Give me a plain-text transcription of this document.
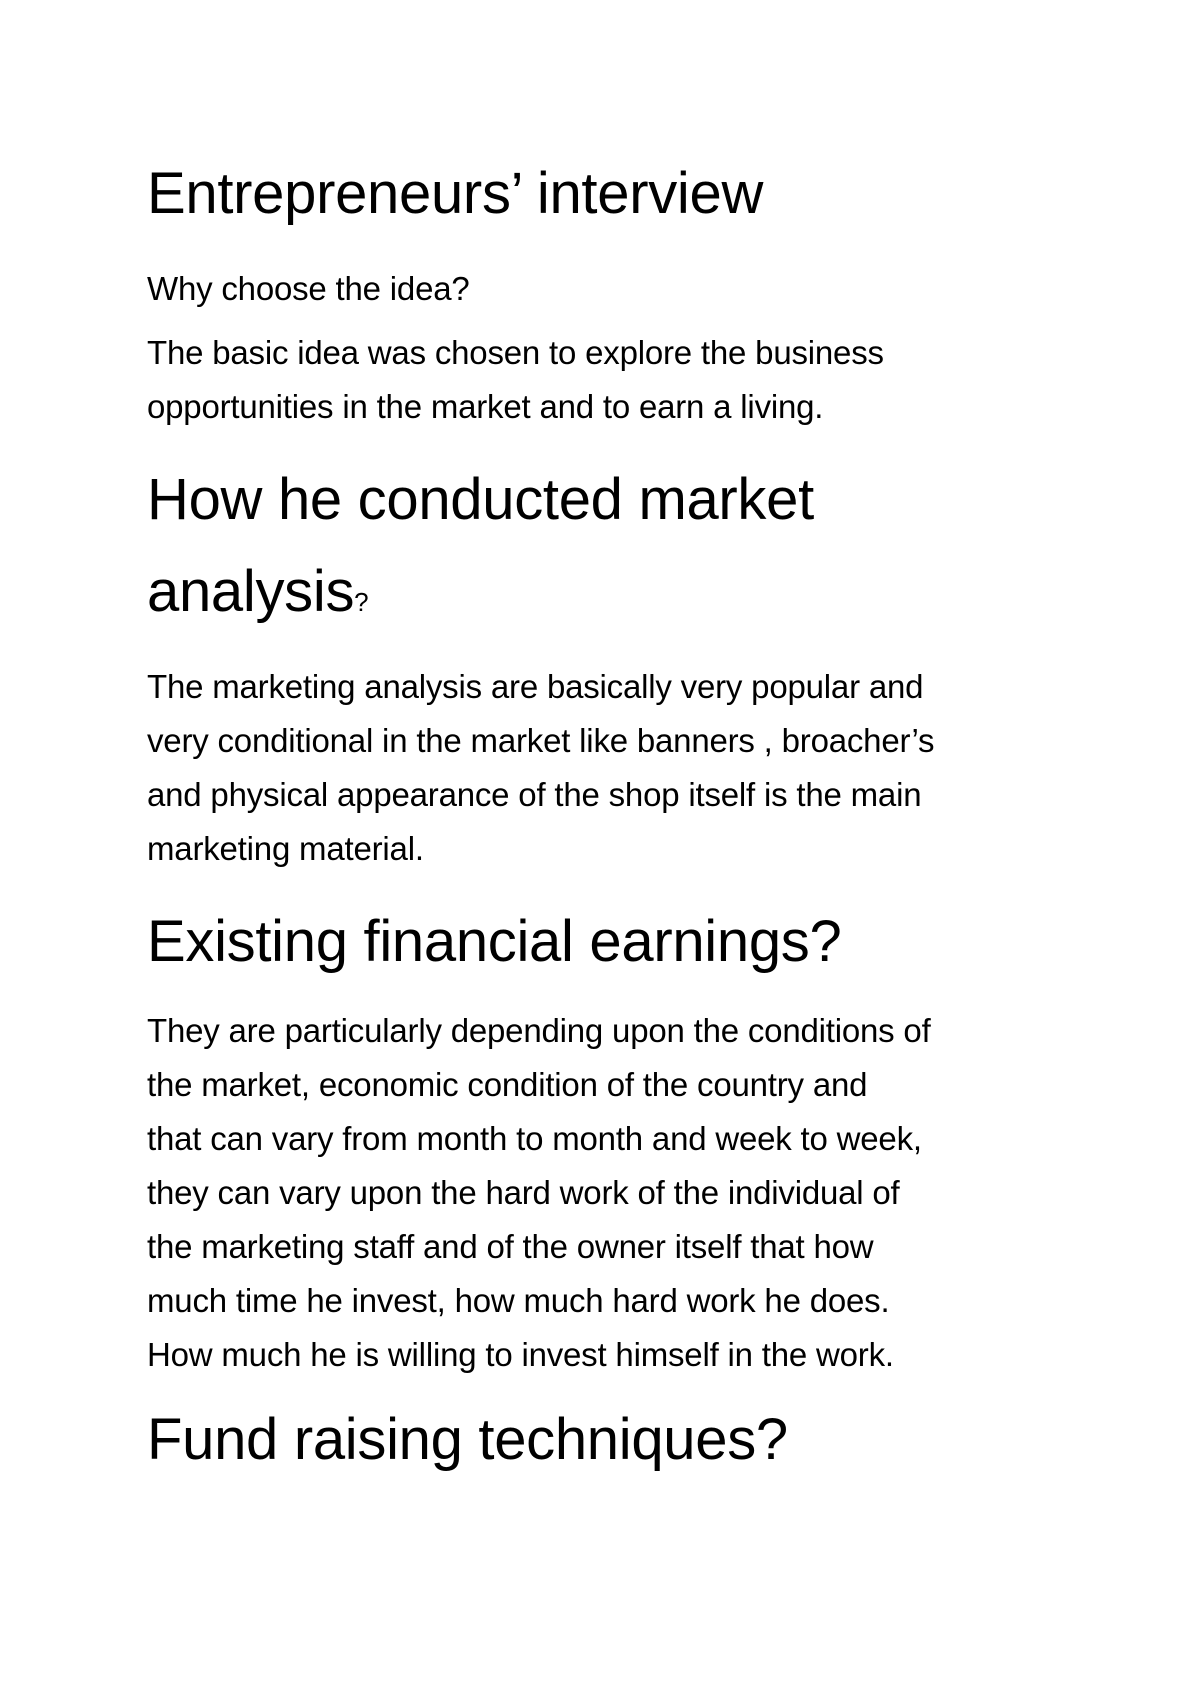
Entrepreneurs’ interview

Why choose the idea?

The basic idea was chosen to explore the business
opportunities in the market and to earn a living.

How he conducted market
analysis?

The marketing analysis are basically very popular and
very conditional in the market like banners , broacher’s
and physical appearance of the shop itself is the main
marketing material.

Existing financial earnings?

They are particularly depending upon the conditions of
the market, economic condition of the country and
that can vary from month to month and week to week,
they can vary upon the hard work of the individual of
the marketing staff and of the owner itself that how
much time he invest, how much hard work he does.
How much he is willing to invest himself in the work.

Fund raising techniques?
